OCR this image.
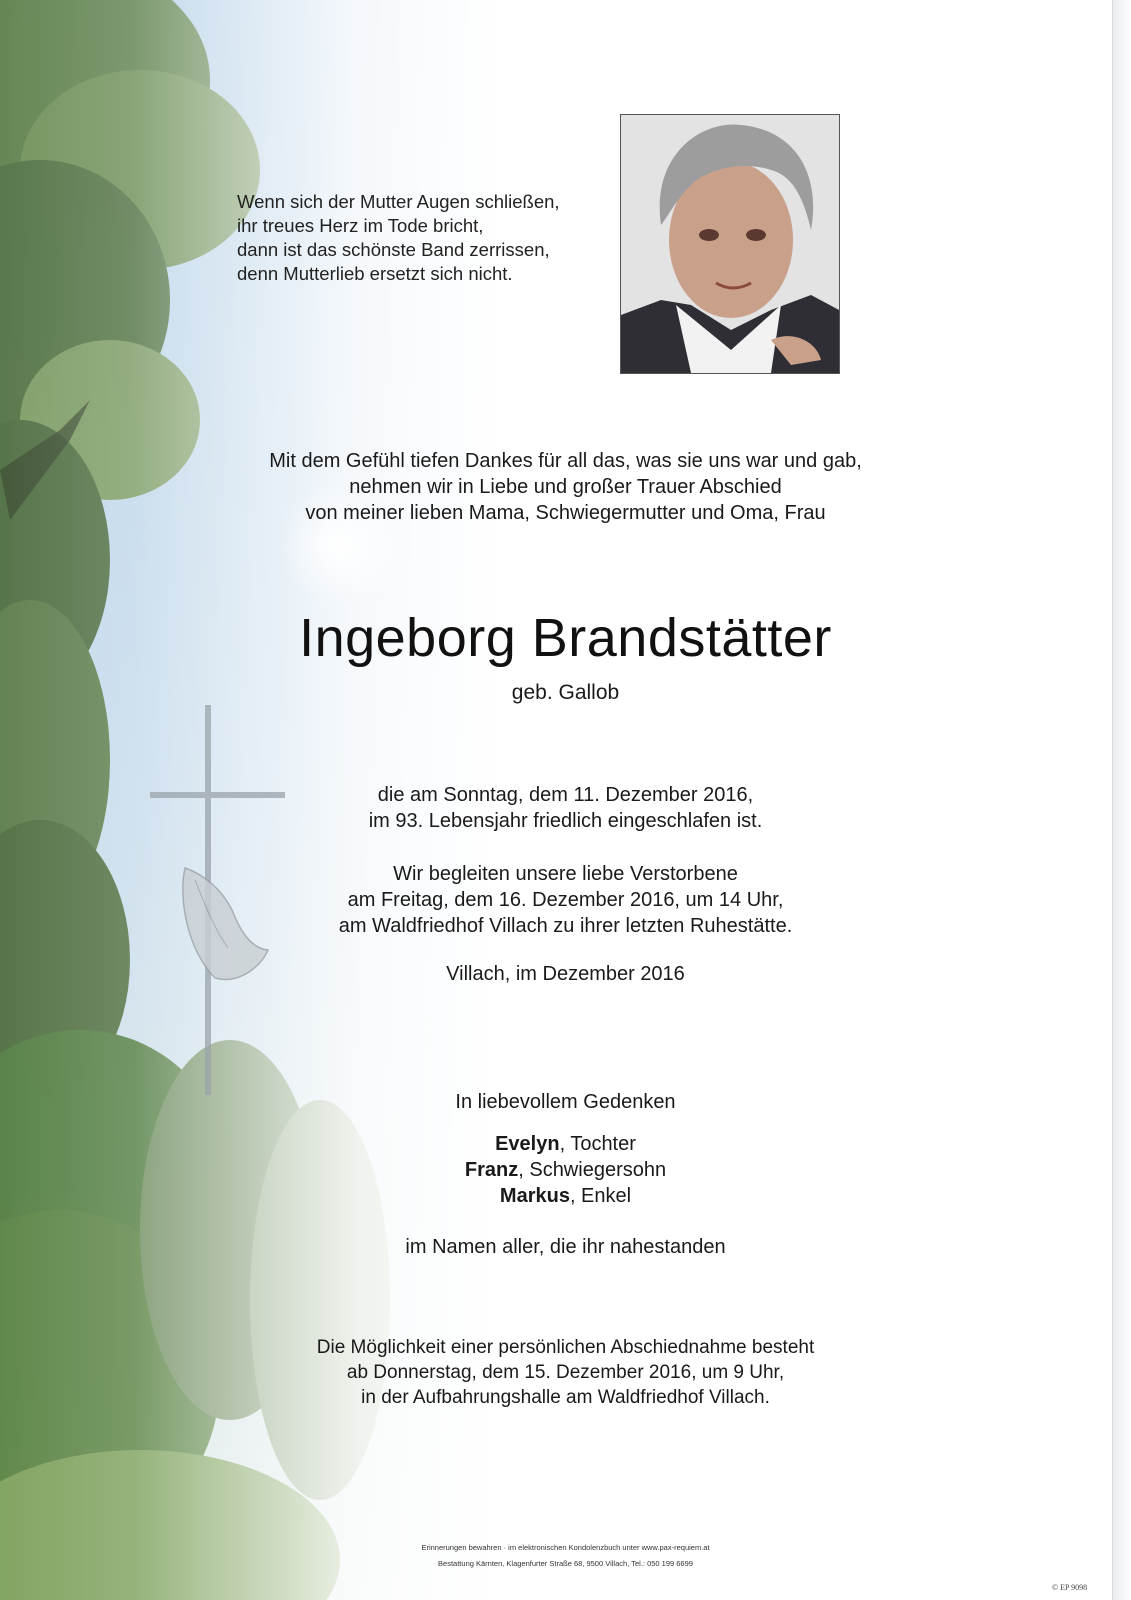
Wenn sich der Mutter Augen schließen,
ihr treues Herz im Tode bricht,
dann ist das schönste Band zerrissen,
denn Mutterlieb ersetzt sich nicht.
Mit dem Gefühl tiefen Dankes für all das, was sie uns war und gab,
nehmen wir in Liebe und großer Trauer Abschied
von meiner lieben Mama, Schwiegermutter und Oma, Frau
Ingeborg Brandstätter
geb. Gallob
die am Sonntag, dem 11. Dezember 2016,
im 93. Lebensjahr friedlich eingeschlafen ist.
Wir begleiten unsere liebe Verstorbene
am Freitag, dem 16. Dezember 2016, um 14 Uhr,
am Waldfriedhof Villach zu ihrer letzten Ruhestätte.
Villach, im Dezember 2016
In liebevollem Gedenken
Evelyn, Tochter
Franz, Schwiegersohn
Markus, Enkel
im Namen aller, die ihr nahestanden
Die Möglichkeit einer persönlichen Abschiednahme besteht
ab Donnerstag, dem 15. Dezember 2016, um 9 Uhr,
in der Aufbahrungshalle am Waldfriedhof Villach.
Erinnerungen bewahren · im elektronischen Kondolenzbuch unter www.pax-requiem.at
Bestattung Kärnten, Klagenfurter Straße 68, 9500 Villach, Tel.: 050 199 6699
© EP 9098
